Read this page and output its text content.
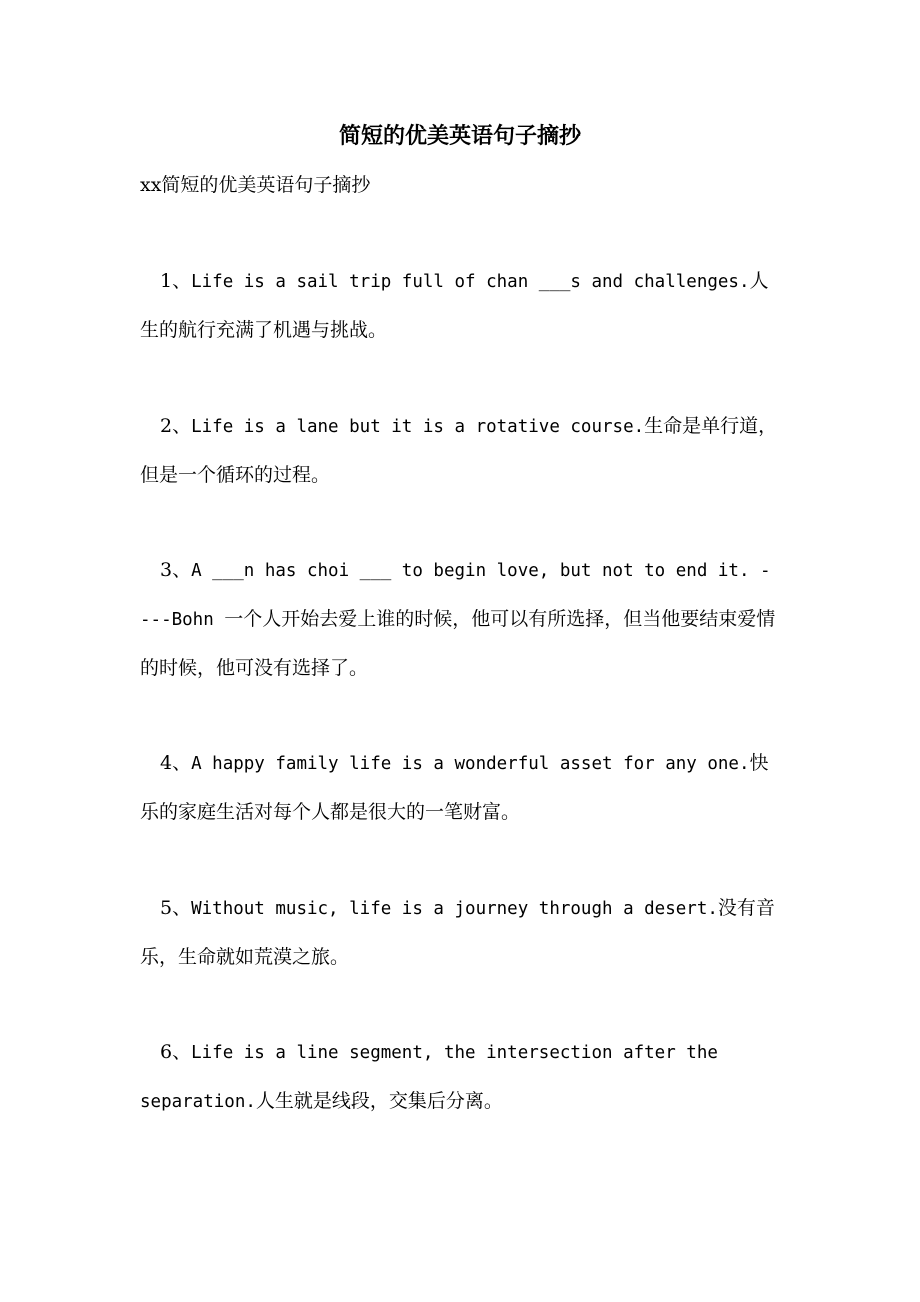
简短的优美英语句子摘抄

xx简短的优美英语句子摘抄

1、Life is a sail trip full of chan ___s and challenges.人生的航行充满了机遇与挑战。

2、Life is a lane but it is a rotative course.生命是单行道，但是一个循环的过程。

3、A ___n has choi ___ to begin love, but not to end it. ----Bohn 一个人开始去爱上谁的时候，他可以有所选择，但当他要结束爱情的时候，他可没有选择了。

4、A happy family life is a wonderful asset for any one.快乐的家庭生活对每个人都是很大的一笔财富。

5、Without music, life is a journey through a desert.没有音乐，生命就如荒漠之旅。

6、Life is a line segment, the intersection after the separation.人生就是线段，交集后分离。
